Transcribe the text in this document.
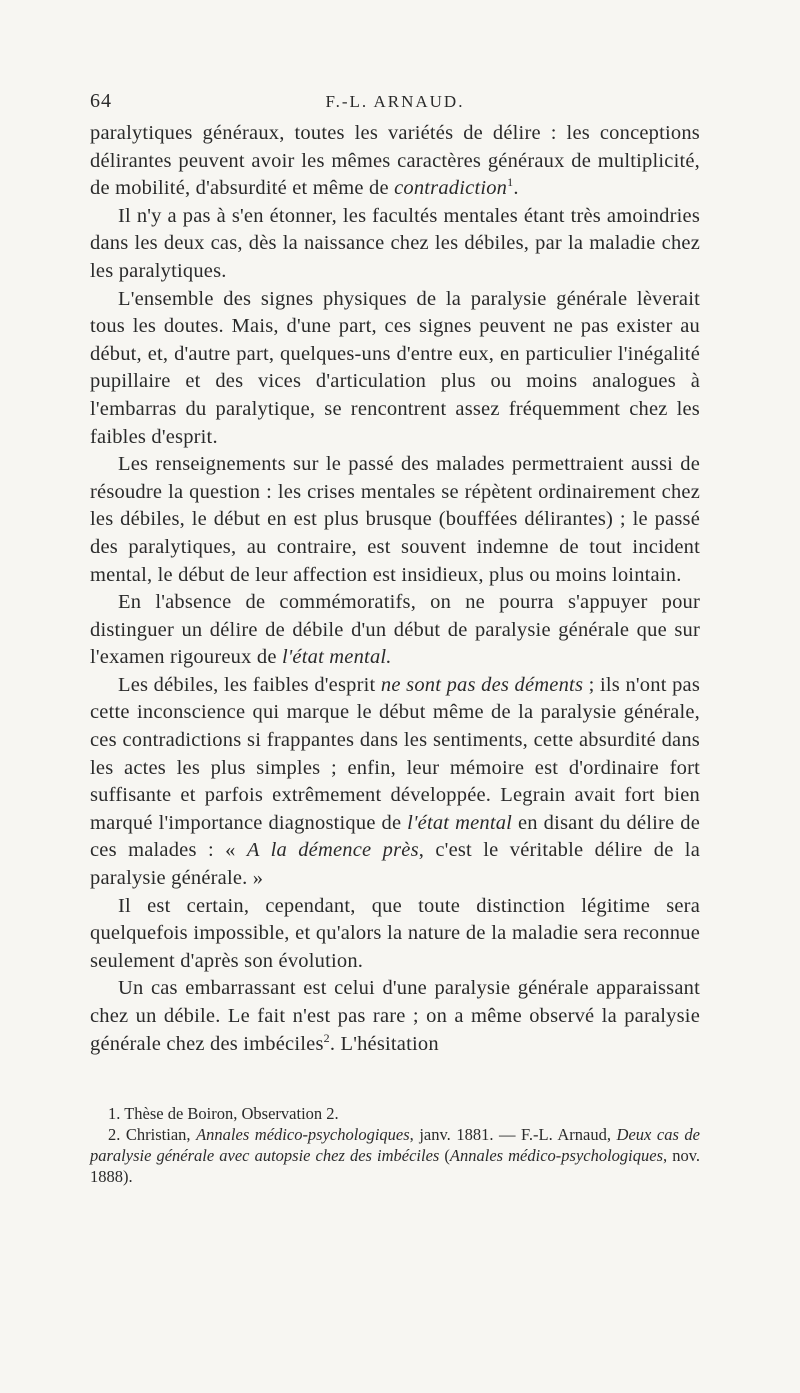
64	F.-L. ARNAUD.

paralytiques généraux, toutes les variétés de délire : les conceptions délirantes peuvent avoir les mêmes caractères généraux de multiplicité, de mobilité, d'absurdité et même de contradiction$^1$.

Il n'y a pas à s'en étonner, les facultés mentales étant très amoindries dans les deux cas, dès la naissance chez les débiles, par la maladie chez les paralytiques.

L'ensemble des signes physiques de la paralysie générale lèverait tous les doutes. Mais, d'une part, ces signes peuvent ne pas exister au début, et, d'autre part, quelques-uns d'entre eux, en particulier l'inégalité pupillaire et des vices d'articulation plus ou moins analogues à l'embarras du paralytique, se rencontrent assez fréquemment chez les faibles d'esprit.

Les renseignements sur le passé des malades permettraient aussi de résoudre la question : les crises mentales se répètent ordinairement chez les débiles, le début en est plus brusque (bouffées délirantes) ; le passé des paralytiques, au contraire, est souvent indemne de tout incident mental, le début de leur affection est insidieux, plus ou moins lointain.

En l'absence de commémoratifs, on ne pourra s'appuyer pour distinguer un délire de débile d'un début de paralysie générale que sur l'examen rigoureux de l'état mental.

Les débiles, les faibles d'esprit ne sont pas des déments ; ils n'ont pas cette inconscience qui marque le début même de la paralysie générale, ces contradictions si frappantes dans les sentiments, cette absurdité dans les actes les plus simples ; enfin, leur mémoire est d'ordinaire fort suffisante et parfois extrêmement développée. Legrain avait fort bien marqué l'importance diagnostique de l'état mental en disant du délire de ces malades : « A la démence près, c'est le véritable délire de la paralysie générale. »

Il est certain, cependant, que toute distinction légitime sera quelquefois impossible, et qu'alors la nature de la maladie sera reconnue seulement d'après son évolution.

Un cas embarrassant est celui d'une paralysie générale apparaissant chez un débile. Le fait n'est pas rare ; on a même observé la paralysie générale chez des imbéciles$^2$. L'hésitation

1. Thèse de Boiron, Observation 2.

2. Christian, Annales médico-psychologiques, janv. 1881. — F.-L. Arnaud, Deux cas de paralysie générale avec autopsie chez des imbéciles (Annales médico-psychologiques, nov. 1888).
